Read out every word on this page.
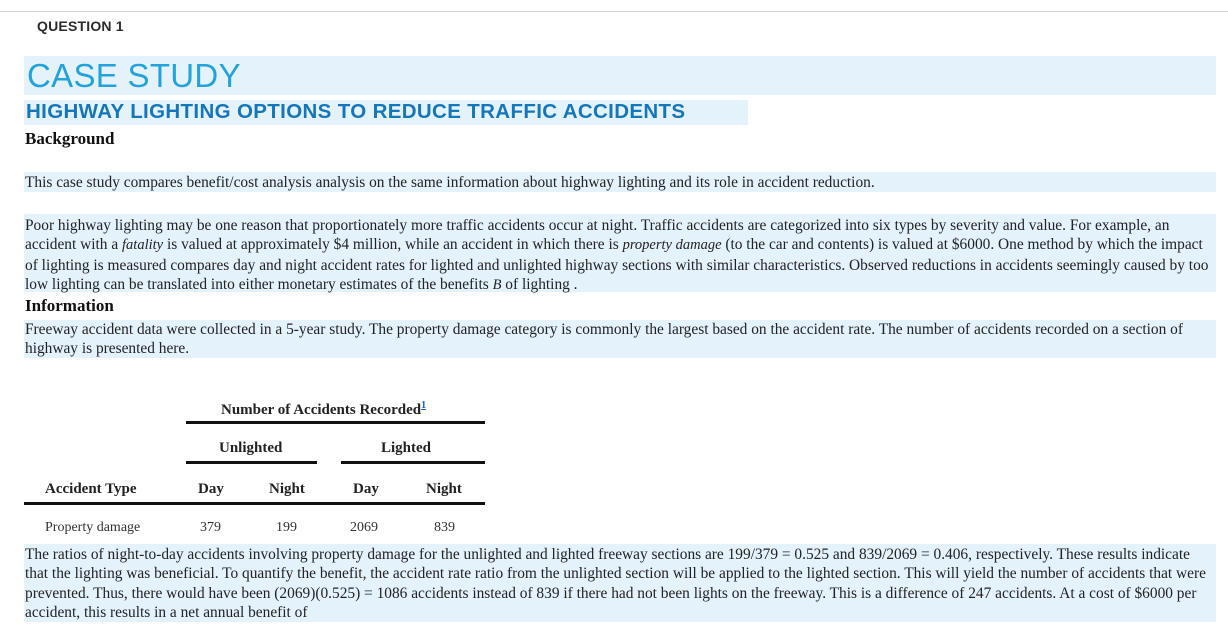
QUESTION 1
CASE STUDY
HIGHWAY LIGHTING OPTIONS TO REDUCE TRAFFIC ACCIDENTS
Background
This case study compares benefit/cost analysis analysis on the same information about highway lighting and its role in accident reduction.
Poor highway lighting may be one reason that proportionately more traffic accidents occur at night. Traffic accidents are categorized into six types by severity and value. For example, an accident with a fatality is valued at approximately $4 million, while an accident in which there is property damage (to the car and contents) is valued at $6000. One method by which the impact of lighting is measured compares day and night accident rates for lighted and unlighted highway sections with similar characteristics. Observed reductions in accidents seemingly caused by too low lighting can be translated into either monetary estimates of the benefits B of lighting .
Information
Freeway accident data were collected in a 5-year study. The property damage category is commonly the largest based on the accident rate. The number of accidents recorded on a section of highway is presented here.
Number of Accidents Recorded$^1$
Unlighted	Lighted
Accident Type	Day	Night	Day	Night
Property damage	379	199	2069	839
The ratios of night-to-day accidents involving property damage for the unlighted and lighted freeway sections are 199/379 = 0.525 and 839/2069 = 0.406, respectively. These results indicate that the lighting was beneficial. To quantify the benefit, the accident rate ratio from the unlighted section will be applied to the lighted section. This will yield the number of accidents that were prevented. Thus, there would have been (2069)(0.525) = 1086 accidents instead of 839 if there had not been lights on the freeway. This is a difference of 247 accidents. At a cost of $6000 per accident, this results in a net annual benefit of
